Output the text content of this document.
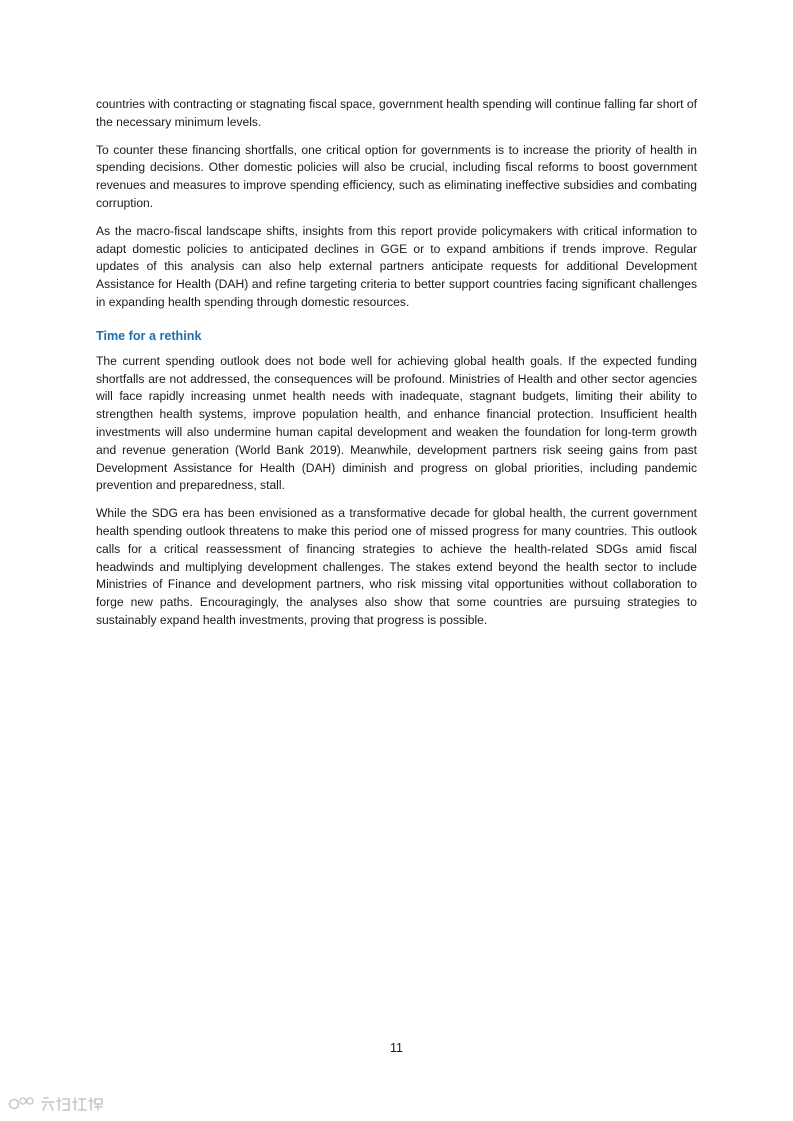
countries with contracting or stagnating fiscal space, government health spending will continue falling far short of the necessary minimum levels.

To counter these financing shortfalls, one critical option for governments is to increase the priority of health in spending decisions. Other domestic policies will also be crucial, including fiscal reforms to boost government revenues and measures to improve spending efficiency, such as eliminating ineffective subsidies and combating corruption.

As the macro-fiscal landscape shifts, insights from this report provide policymakers with critical information to adapt domestic policies to anticipated declines in GGE or to expand ambitions if trends improve. Regular updates of this analysis can also help external partners anticipate requests for additional Development Assistance for Health (DAH) and refine targeting criteria to better support countries facing significant challenges in expanding health spending through domestic resources.

Time for a rethink

The current spending outlook does not bode well for achieving global health goals. If the expected funding shortfalls are not addressed, the consequences will be profound. Ministries of Health and other sector agencies will face rapidly increasing unmet health needs with inadequate, stagnant budgets, limiting their ability to strengthen health systems, improve population health, and enhance financial protection. Insufficient health investments will also undermine human capital development and weaken the foundation for long-term growth and revenue generation (World Bank 2019). Meanwhile, development partners risk seeing gains from past Development Assistance for Health (DAH) diminish and progress on global priorities, including pandemic prevention and preparedness, stall.

While the SDG era has been envisioned as a transformative decade for global health, the current government health spending outlook threatens to make this period one of missed progress for many countries. This outlook calls for a critical reassessment of financing strategies to achieve the health-related SDGs amid fiscal headwinds and multiplying development challenges. The stakes extend beyond the health sector to include Ministries of Finance and development partners, who risk missing vital opportunities without collaboration to forge new paths. Encouragingly, the analyses also show that some countries are pursuing strategies to sustainably expand health investments, proving that progress is possible.

11
